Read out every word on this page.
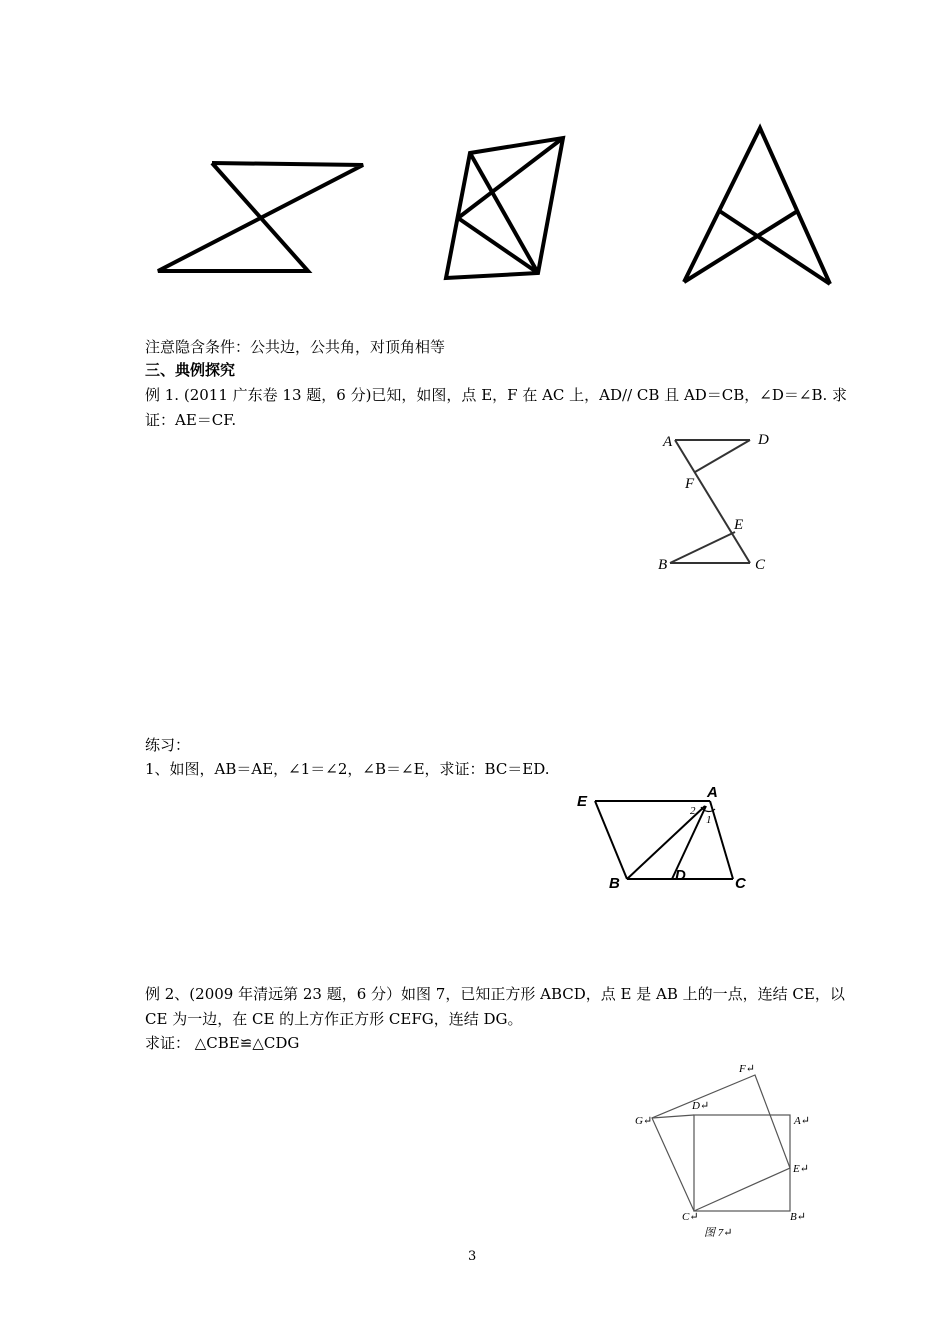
注意隐含条件：公共边，公共角，对顶角相等
三、典例探究
例 1. (2011 广东卷 13 题，6 分)已知，如图，点 E，F 在 AC 上，AD// CB 且 AD＝CB，∠D＝∠B. 求
证：AE＝CF.
A	D
F
E
B	C
练习：
1、如图，AB＝AE，∠1＝∠2，∠B＝∠E，求证：BC＝ED.
E
A
2
1
B	D	C
例 2、(2009 年清远第 23 题，6 分）如图 7，已知正方形 ABCD，点 E 是 AB 上的一点，连结 CE，以
CE 为一边，在 CE 的上方作正方形 CEFG，连结 DG。
求证： △CBE≌△CDG
F↵
D↵
A↵
G↵
E↵
C↵	B↵
图 7↵
3
